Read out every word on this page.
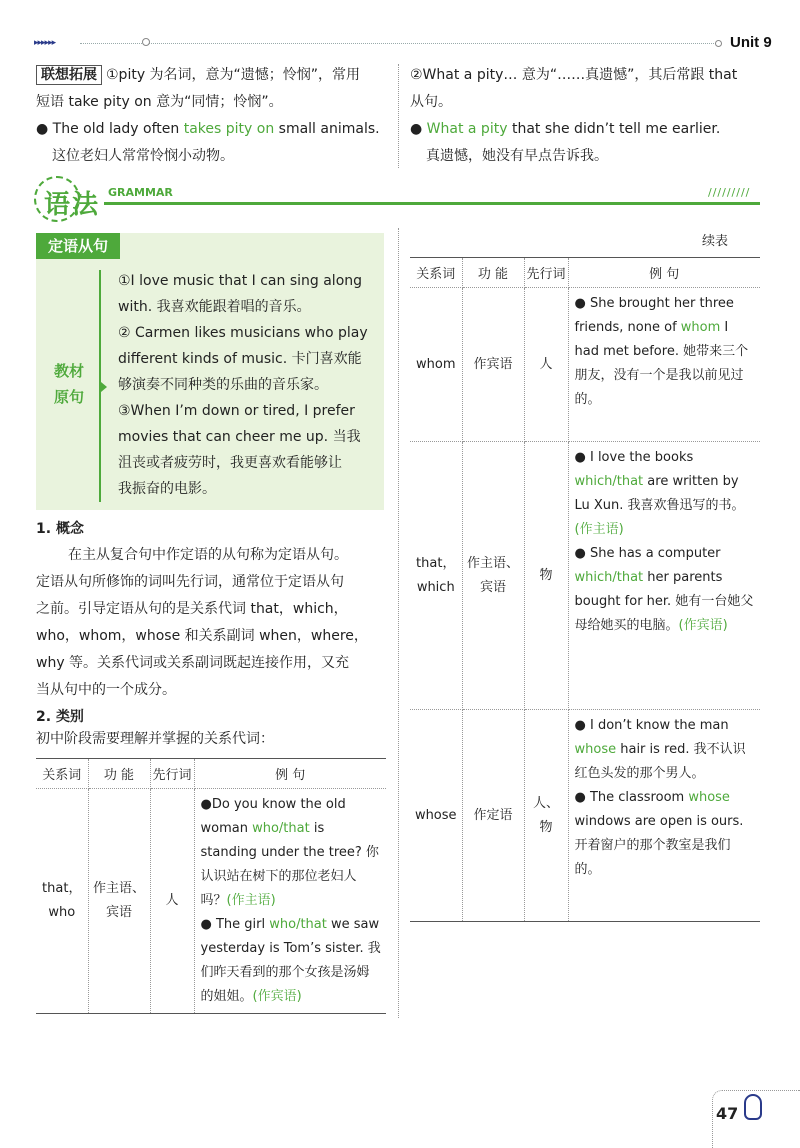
▸▸▸▸▸▸	Unit 9
联想拓展 ①pity 为名词，意为“遗憾；怜悯”，常用
短语 take pity on 意为“同情；怜悯”。
● The old lady often takes pity on small animals.
这位老妇人常常怜悯小动物。
②What a pity… 意为“……真遗憾”，其后常跟 that
从句。
● What a pity that she didn’t tell me earlier.
真遗憾，她没有早点告诉我。
语法 GRAMMAR	/////////
定语从句
教材
原句
①I love music that I can sing along
with. 我喜欢能跟着唱的音乐。
② Carmen likes musicians who play
different kinds of music. 卡门喜欢能
够演奏不同种类的乐曲的音乐家。
③When I’m down or tired, I prefer
movies that can cheer me up. 当我
沮丧或者疲劳时，我更喜欢看能够让
我振奋的电影。
1. 概念
在主从复合句中作定语的从句称为定语从句。
定语从句所修饰的词叫先行词，通常位于定语从句
之前。引导定语从句的是关系代词 that，which，
who，whom，whose 和关系副词 when，where，
why 等。关系代词或关系副词既起连接作用，又充
当从句中的一个成分。
2. 类别
初中阶段需要理解并掌握的关系代词：
关系词	功 能	先行词	例 句
that，who	作主语、宾语	人	●Do you know the old woman who/that is standing under the tree? 你认识站在树下的那位老妇人吗？(作主语)
● The girl who/that we saw yesterday is Tom’s sister. 我们昨天看到的那个女孩是汤姆的姐姐。(作宾语)
续表
关系词	功 能	先行词	例 句
whom	作宾语	人	● She brought her three friends, none of whom I had met before. 她带来三个朋友，没有一个是我以前见过的。

that，which	作主语、宾语	物	● I love the books which/that are written by Lu Xun. 我喜欢鲁迅写的书。(作主语)
● She has a computer which/that her parents bought for her. 她有一台她父母给她买的电脑。(作宾语)

whose	作定语	人、物	● I don’t know the man whose hair is red. 我不认识红色头发的那个男人。
● The classroom whose windows are open is ours. 开着窗户的那个教室是我们的。
47
